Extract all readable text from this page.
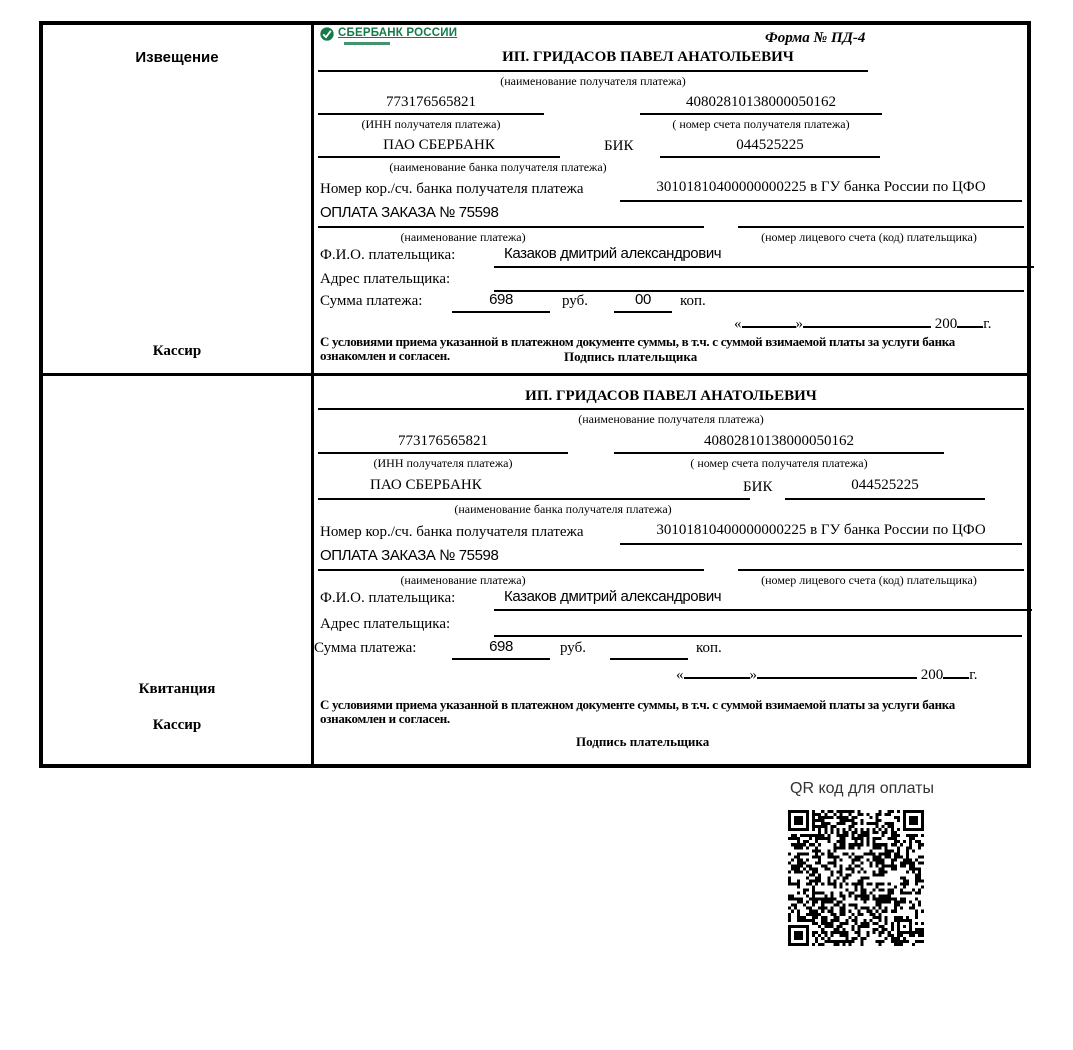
Извещение
Кассир
СБЕРБАНК РОССИИ	Форма № ПД-4
ИП. ГРИДАСОВ ПАВЕЛ АНАТОЛЬЕВИЧ
(наименование получателя платежа)
773176565821	40802810138000050162
(ИНН получателя платежа)	( номер счета получателя платежа)
ПАО СБЕРБАНК	БИК	044525225
(наименование банка получателя платежа)
Номер кор./сч. банка получателя платежа	30101810400000000225 в ГУ банка России по ЦФО
ОПЛАТА ЗАКАЗА № 75598
(наименование платежа)	(номер лицевого счета (код) плательщика)
Ф.И.О. плательщика:	Казаков дмитрий александрович
Адрес плательщика:
Сумма платежа:	698	руб.	00	коп.
«	»	200 г.
С условиями приема указанной в платежном документе суммы, в т.ч. с суммой взимаемой платы за услуги банка ознакомлен и согласен.	Подпись плательщика
Квитанция
Кассир
ИП. ГРИДАСОВ ПАВЕЛ АНАТОЛЬЕВИЧ
(наименование получателя платежа)
773176565821	40802810138000050162
(ИНН получателя платежа)	( номер счета получателя платежа)
ПАО СБЕРБАНК	БИК	044525225
(наименование банка получателя платежа)
Номер кор./сч. банка получателя платежа	30101810400000000225 в ГУ банка России по ЦФО
ОПЛАТА ЗАКАЗА № 75598
(наименование платежа)	(номер лицевого счета (код) плательщика)
Ф.И.О. плательщика:	Казаков дмитрий александрович
Адрес плательщика:
Сумма платежа:	698	руб.	коп.
«	»	200 г.
С условиями приема указанной в платежном документе суммы, в т.ч. с суммой взимаемой платы за услуги банка ознакомлен и согласен.
Подпись плательщика
QR код для оплаты
